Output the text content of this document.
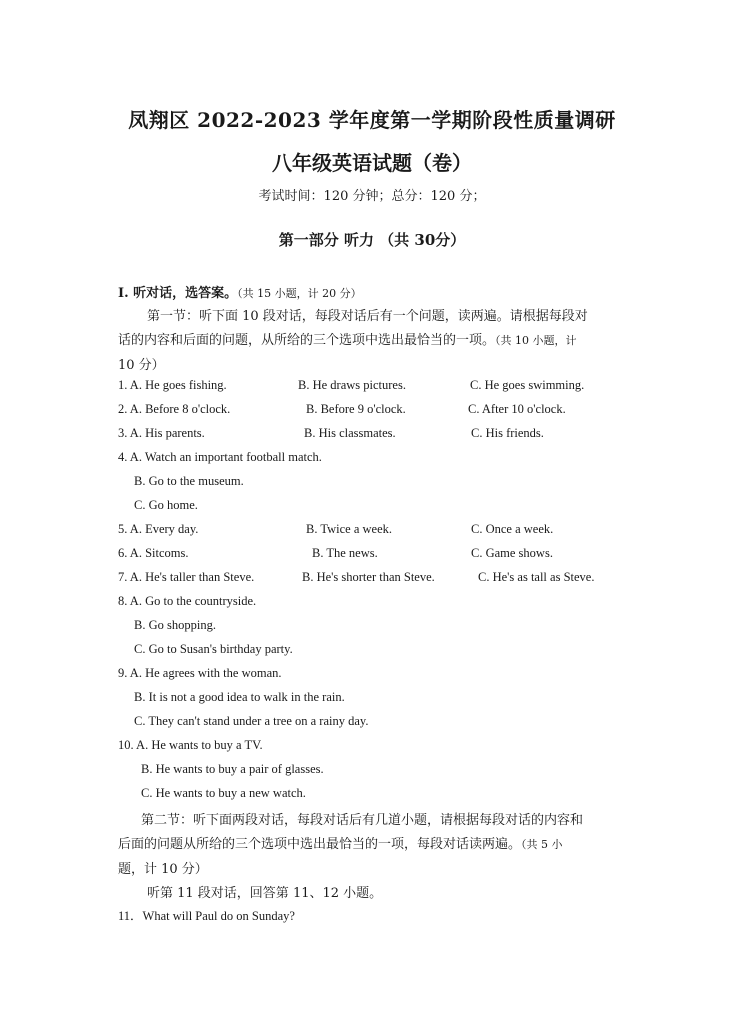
凤翔区 2022-2023 学年度第一学期阶段性质量调研
八年级英语试题（卷）
考试时间：120 分钟；总分：120 分；
第一部分 听力 （共 30分）
I. 听对话，选答案。（共 15 小题，计 20 分）
第一节：听下面 10 段对话，每段对话后有一个问题，读两遍。请根据每段对
话的内容和后面的问题，从所给的三个选项中选出最恰当的一项。（共 10 小题，计
10 分）
1. A. He goes fishing.	B. He draws pictures.	C. He goes swimming.
2. A. Before 8 o'clock.	B. Before 9 o'clock.	C. After 10 o'clock.
3. A. His parents.	B. His classmates.	C. His friends.
4. A. Watch an important football match.
B. Go to the museum.
C. Go home.
5. A. Every day.	B. Twice a week.	C. Once a week.
6. A. Sitcoms.	B. The news.	C. Game shows.
7. A. He's taller than Steve.	B. He's shorter than Steve.	C. He's as tall as Steve.
8. A. Go to the countryside.
B. Go shopping.
C. Go to Susan's birthday party.
9. A. He agrees with the woman.
B. It is not a good idea to walk in the rain.
C. They can't stand under a tree on a rainy day.
10. A. He wants to buy a TV.
B. He wants to buy a pair of glasses.
C. He wants to buy a new watch.
第二节：听下面两段对话，每段对话后有几道小题，请根据每段对话的内容和
后面的问题从所给的三个选项中选出最恰当的一项，每段对话读两遍。（共 5 小
题，计 10 分）
听第 11 段对话，回答第 11、12 小题。
11．What will Paul do on Sunday?
